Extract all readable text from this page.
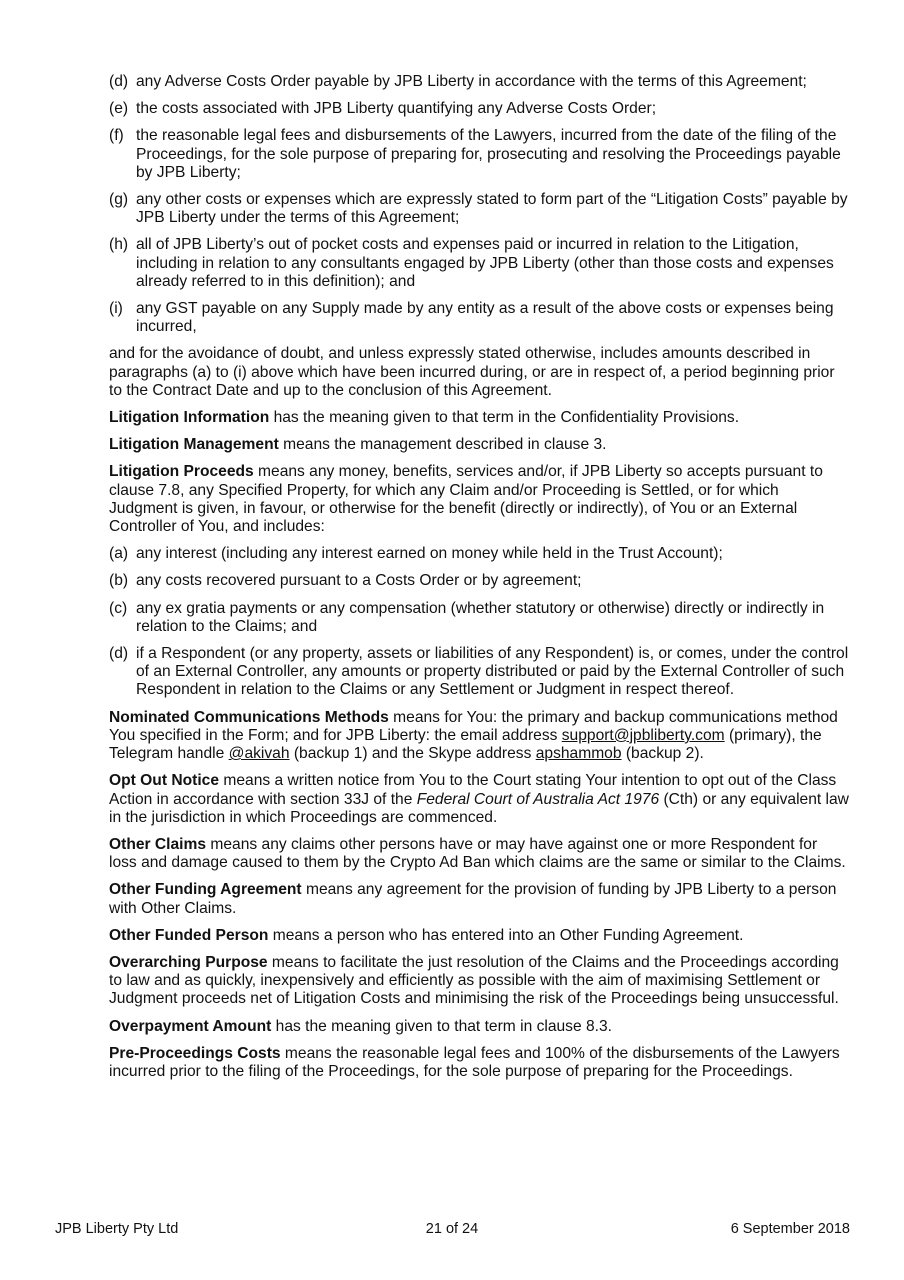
(d) any Adverse Costs Order payable by JPB Liberty in accordance with the terms of this Agreement;
(e) the costs associated with JPB Liberty quantifying any Adverse Costs Order;
(f) the reasonable legal fees and disbursements of the Lawyers, incurred from the date of the filing of the Proceedings, for the sole purpose of preparing for, prosecuting and resolving the Proceedings payable by JPB Liberty;
(g) any other costs or expenses which are expressly stated to form part of the “Litigation Costs” payable by JPB Liberty under the terms of this Agreement;
(h) all of JPB Liberty’s out of pocket costs and expenses paid or incurred in relation to the Litigation, including in relation to any consultants engaged by JPB Liberty (other than those costs and expenses already referred to in this definition); and
(i) any GST payable on any Supply made by any entity as a result of the above costs or expenses being incurred,

and for the avoidance of doubt, and unless expressly stated otherwise, includes amounts described in paragraphs (a) to (i) above which have been incurred during, or are in respect of, a period beginning prior to the Contract Date and up to the conclusion of this Agreement.

Litigation Information has the meaning given to that term in the Confidentiality Provisions.

Litigation Management means the management described in clause 3.

Litigation Proceeds means any money, benefits, services and/or, if JPB Liberty so accepts pursuant to clause 7.8, any Specified Property, for which any Claim and/or Proceeding is Settled, or for which Judgment is given, in favour, or otherwise for the benefit (directly or indirectly), of You or an External Controller of You, and includes:

(a) any interest (including any interest earned on money while held in the Trust Account);
(b) any costs recovered pursuant to a Costs Order or by agreement;
(c) any ex gratia payments or any compensation (whether statutory or otherwise) directly or indirectly in relation to the Claims; and
(d) if a Respondent (or any property, assets or liabilities of any Respondent) is, or comes, under the control of an External Controller, any amounts or property distributed or paid by the External Controller of such Respondent in relation to the Claims or any Settlement or Judgment in respect thereof.

Nominated Communications Methods means for You: the primary and backup communications method You specified in the Form; and for JPB Liberty: the email address support@jpbliberty.com (primary), the Telegram handle @akivah (backup 1) and the Skype address apshammob (backup 2).

Opt Out Notice means a written notice from You to the Court stating Your intention to opt out of the Class Action in accordance with section 33J of the Federal Court of Australia Act 1976 (Cth) or any equivalent law in the jurisdiction in which Proceedings are commenced.

Other Claims means any claims other persons have or may have against one or more Respondent for loss and damage caused to them by the Crypto Ad Ban which claims are the same or similar to the Claims.

Other Funding Agreement means any agreement for the provision of funding by JPB Liberty to a person with Other Claims.

Other Funded Person means a person who has entered into an Other Funding Agreement.

Overarching Purpose means to facilitate the just resolution of the Claims and the Proceedings according to law and as quickly, inexpensively and efficiently as possible with the aim of maximising Settlement or Judgment proceeds net of Litigation Costs and minimising the risk of the Proceedings being unsuccessful.

Overpayment Amount has the meaning given to that term in clause 8.3.

Pre-Proceedings Costs means the reasonable legal fees and 100% of the disbursements of the Lawyers incurred prior to the filing of the Proceedings, for the sole purpose of preparing for the Proceedings.

JPB Liberty Pty Ltd	21 of 24	6 September 2018
